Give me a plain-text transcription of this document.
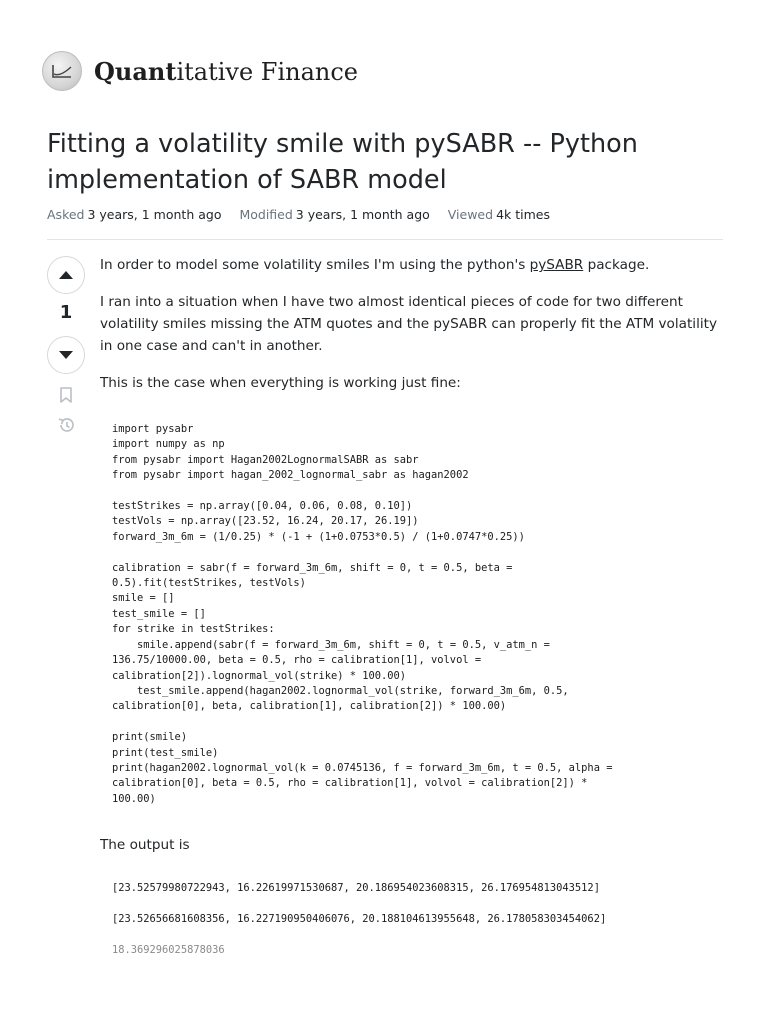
Quantitative Finance
Fitting a volatility smile with pySABR -- Python implementation of SABR model
Asked 3 years, 1 month ago Modified 3 years, 1 month ago Viewed 4k times
1

In order to model some volatility smiles I'm using the python's pySABR package.

I ran into a situation when I have two almost identical pieces of code for two different volatility smiles missing the ATM quotes and the pySABR can properly fit the ATM volatility in one case and can't in another.

This is the case when everything is working just fine:

import pysabr
import numpy as np
from pysabr import Hagan2002LognormalSABR as sabr
from pysabr import hagan_2002_lognormal_sabr as hagan2002

testStrikes = np.array([0.04, 0.06, 0.08, 0.10])
testVols = np.array([23.52, 16.24, 20.17, 26.19])
forward_3m_6m = (1/0.25) * (-1 + (1+0.0753*0.5) / (1+0.0747*0.25))

calibration = sabr(f = forward_3m_6m, shift = 0, t = 0.5, beta =
0.5).fit(testStrikes, testVols)
smile = []
test_smile = []
for strike in testStrikes:
smile.append(sabr(f = forward_3m_6m, shift = 0, t = 0.5, v_atm_n =
136.75/10000.00, beta = 0.5, rho = calibration[1], volvol =
calibration[2]).lognormal_vol(strike) * 100.00)
test_smile.append(hagan2002.lognormal_vol(strike, forward_3m_6m, 0.5,
calibration[0], beta, calibration[1], calibration[2]) * 100.00)

print(smile)
print(test_smile)
print(hagan2002.lognormal_vol(k = 0.0745136, f = forward_3m_6m, t = 0.5, alpha =
calibration[0], beta = 0.5, rho = calibration[1], volvol = calibration[2]) *
100.00)
The output is
[23.52579980722943, 16.22619971530687, 20.186954023608315, 26.176954813043512]
[23.52656681608356, 16.227190950406076, 20.188104613955648, 26.178058303454062]
18.369296025878036
